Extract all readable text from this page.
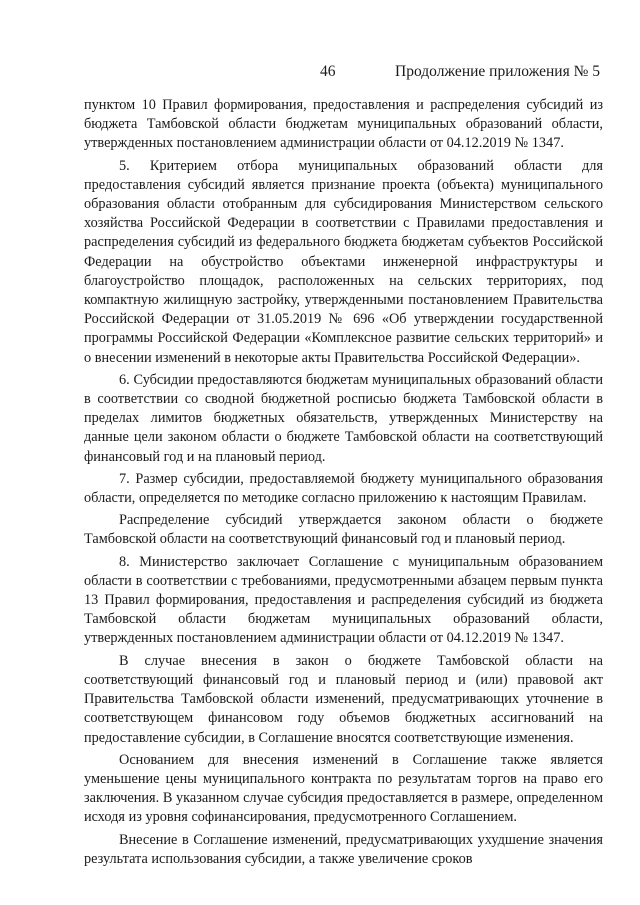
46	Продолжение приложения № 5

пунктом 10 Правил формирования, предоставления и распределения субсидий из бюджета Тамбовской области бюджетам муниципальных образований области, утвержденных постановлением администрации области от 04.12.2019 № 1347.

5. Критерием отбора муниципальных образований области для предоставления субсидий является признание проекта (объекта) муниципального образования области отобранным для субсидирования Министерством сельского хозяйства Российской Федерации в соответствии с Правилами предоставления и распределения субсидий из федерального бюджета бюджетам субъектов Российской Федерации на обустройство объектами инженерной инфраструктуры и благоустройство площадок, расположенных на сельских территориях, под компактную жилищную застройку, утвержденными постановлением Правительства Российской Федерации от 31.05.2019 № 696 «Об утверждении государственной программы Российской Федерации «Комплексное развитие сельских территорий» и о внесении изменений в некоторые акты Правительства Российской Федерации».

6. Субсидии предоставляются бюджетам муниципальных образований области в соответствии со сводной бюджетной росписью бюджета Тамбовской области в пределах лимитов бюджетных обязательств, утвержденных Министерству на данные цели законом области о бюджете Тамбовской области на соответствующий финансовый год и на плановый период.

7. Размер субсидии, предоставляемой бюджету муниципального образования области, определяется по методике согласно приложению к настоящим Правилам.

Распределение субсидий утверждается законом области о бюджете Тамбовской области на соответствующий финансовый год и плановый период.

8. Министерство заключает Соглашение с муниципальным образованием области в соответствии с требованиями, предусмотренными абзацем первым пункта 13 Правил формирования, предоставления и распределения субсидий из бюджета Тамбовской области бюджетам муниципальных образований области, утвержденных постановлением администрации области от 04.12.2019 № 1347.

В случае внесения в закон о бюджете Тамбовской области на соответствующий финансовый год и плановый период и (или) правовой акт Правительства Тамбовской области изменений, предусматривающих уточнение в соответствующем финансовом году объемов бюджетных ассигнований на предоставление субсидии, в Соглашение вносятся соответствующие изменения.

Основанием для внесения изменений в Соглашение также является уменьшение цены муниципального контракта по результатам торгов на право его заключения. В указанном случае субсидия предоставляется в размере, определенном исходя из уровня софинансирования, предусмотренного Соглашением.

Внесение в Соглашение изменений, предусматривающих ухудшение значения результата использования субсидии, а также увеличение сроков
